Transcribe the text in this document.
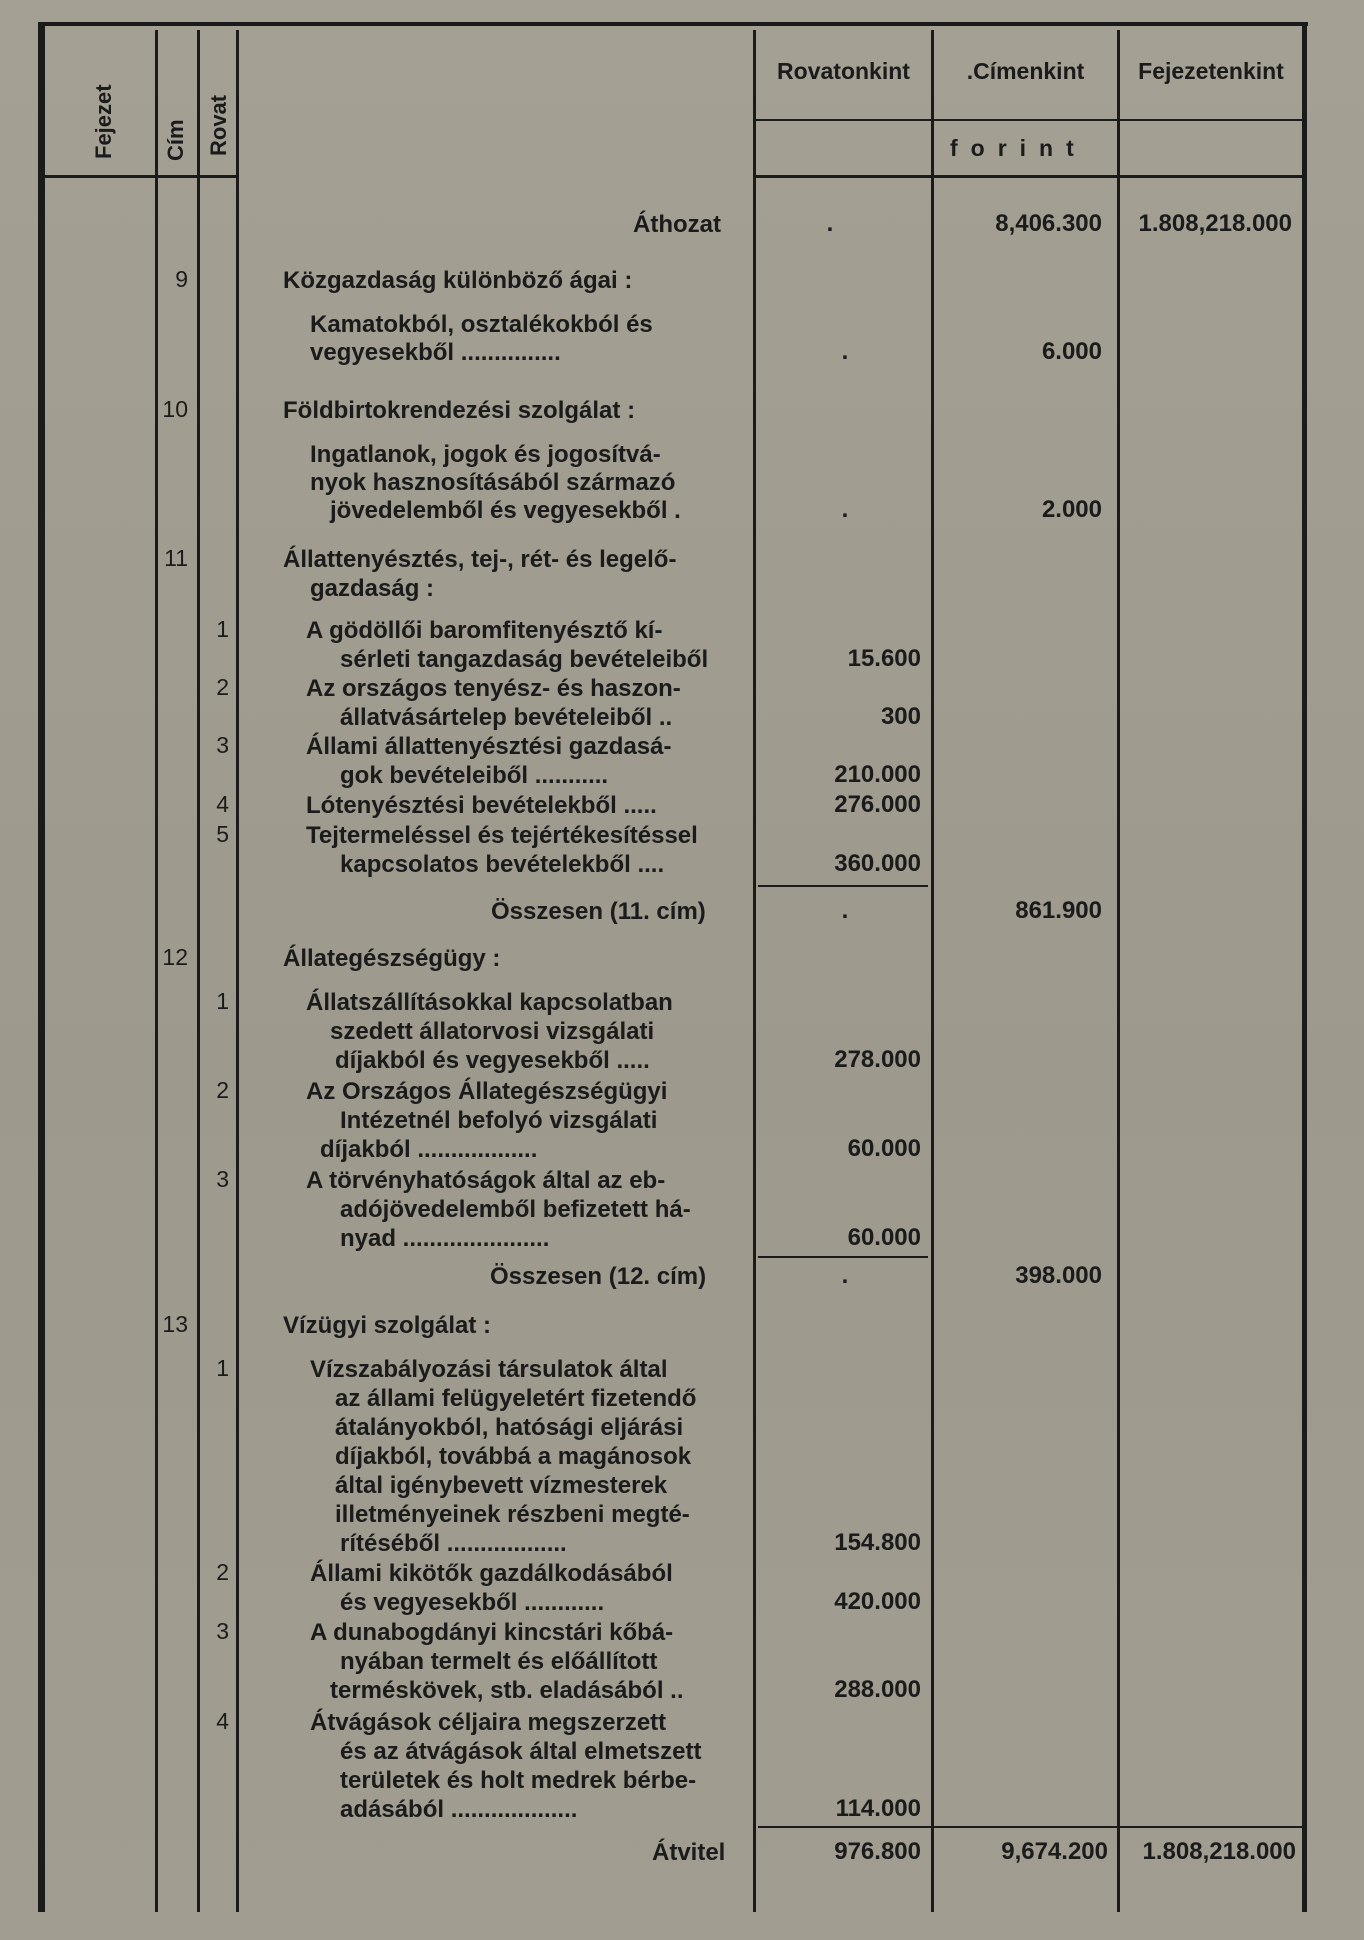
Fejezet Cím Rovat
Rovatonkint	.Címenkint	Fejezetenkint
forint
Áthozat	.	8,406.300	1.808,218.000
9	Közgazdaság különböző ágai :
Kamatokból, osztalékokból és
vegyesekből ...............	.	6.000
10	Földbirtokrendezési szolgálat :
Ingatlanok, jogok és jogosítvá-
nyok hasznosításából származó
jövedelemből és vegyesekből .	.	2.000
11	Állattenyésztés, tej-, rét- és legelő-
gazdaság :
1	A gödöllői baromfitenyésztő kí-
sérleti tangazdaság bevételeiből	15.600
2	Az országos tenyész- és haszon-
állatvásártelep bevételeiből ..	300
3	Állami állattenyésztési gazdasá-
gok bevételeiből ...........	210.000
4	Lótenyésztési bevételekből .....	276.000
5	Tejtermeléssel és tejértékesítéssel
kapcsolatos bevételekből ....	360.000
Összesen (11. cím)	.	861.900
12	Állategészségügy :
1	Állatszállításokkal kapcsolatban
szedett állatorvosi vizsgálati
díjakból és vegyesekből .....	278.000
2	Az Országos Állategészségügyi
Intézetnél befolyó vizsgálati
díjakból ..................	60.000
3	A törvényhatóságok által az eb-
adójövedelemből befizetett há-
nyad ......................	60.000
Összesen (12. cím)	.	398.000
13	Vízügyi szolgálat :
1	Vízszabályozási társulatok által
az állami felügyeletért fizetendő
átalányokból, hatósági eljárási
díjakból, továbbá a magánosok
által igénybevett vízmesterek
illetményeinek részbeni megté-
rítéséből ..................	154.800
2	Állami kikötők gazdálkodásából
és vegyesekből ............	420.000
3	A dunabogdányi kincstári kőbá-
nyában termelt és előállított
terméskövek, stb. eladásából ..	288.000
4	Átvágások céljaira megszerzett
és az átvágások által elmetszett
területek és holt medrek bérbe-
adásából ...................	114.000
Átvitel	976.800	9,674.200	1.808,218.000
